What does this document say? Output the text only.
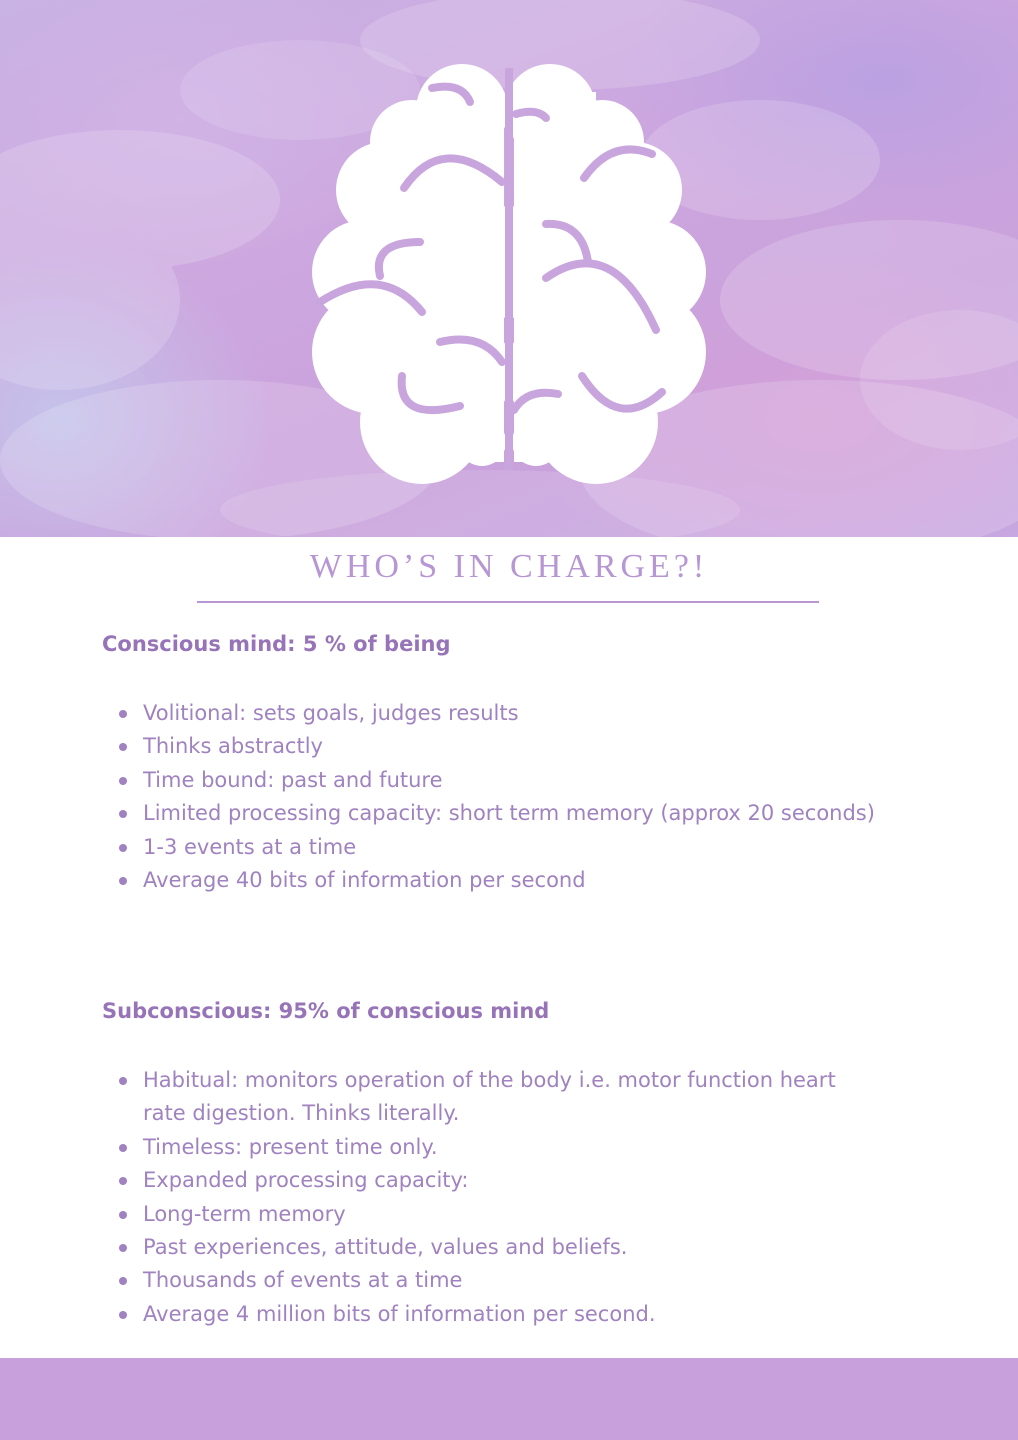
WHO’S IN CHARGE?!
Conscious mind: 5 % of being
Volitional: sets goals, judges results
Thinks abstractly
Time bound: past and future
Limited processing capacity: short term memory (approx 20 seconds)
1-3 events at a time
Average 40 bits of information per second
Subconscious: 95% of conscious mind
Habitual: monitors operation of the body i.e. motor function heart rate digestion. Thinks literally.
Timeless: present time only.
Expanded processing capacity:
Long-term memory
Past experiences, attitude, values and beliefs.
Thousands of events at a time
Average 4 million bits of information per second.
